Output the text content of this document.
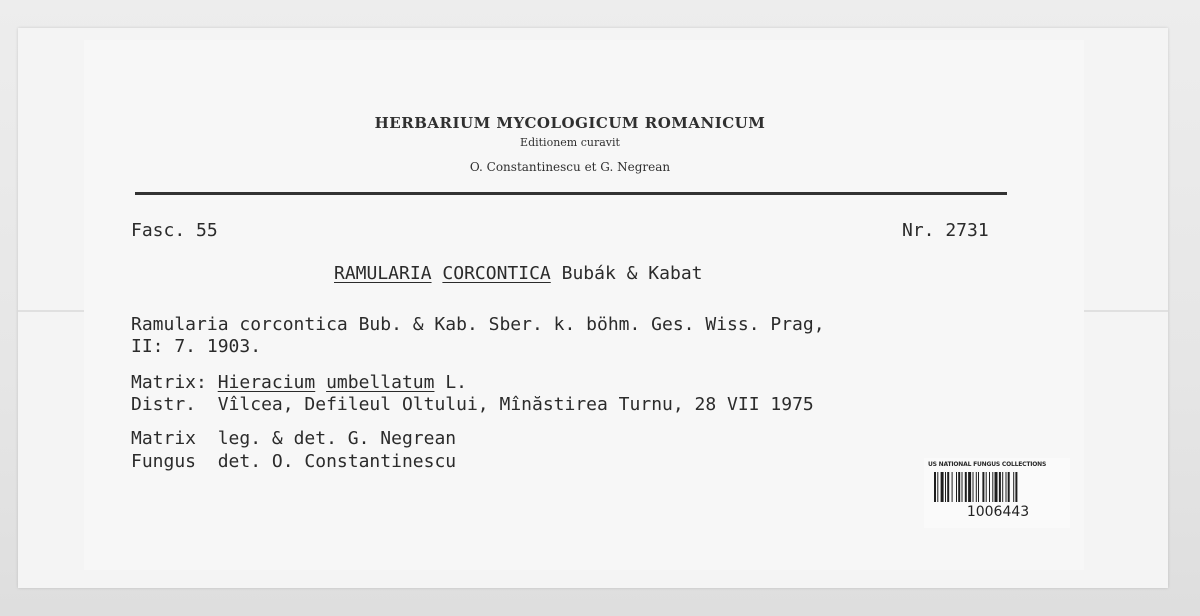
HERBARIUM MYCOLOGICUM ROMANICUM
Editionem curavit
O. Constantinescu et G. Negrean
Fasc. 55	Nr. 2731
RAMULARIA CORCONTICA Bubák & Kabat
Ramularia corcontica Bub. & Kab. Sber. k. böhm. Ges. Wiss. Prag,
II: 7. 1903.
Matrix: Hieracium umbellatum L.
Distr. Vîlcea, Defileul Oltului, Mînăstirea Turnu, 28 VII 1975
Matrix leg. & det. G. Negrean
Fungus det. O. Constantinescu	US NATIONAL FUNGUS COLLECTIONS
1006443
